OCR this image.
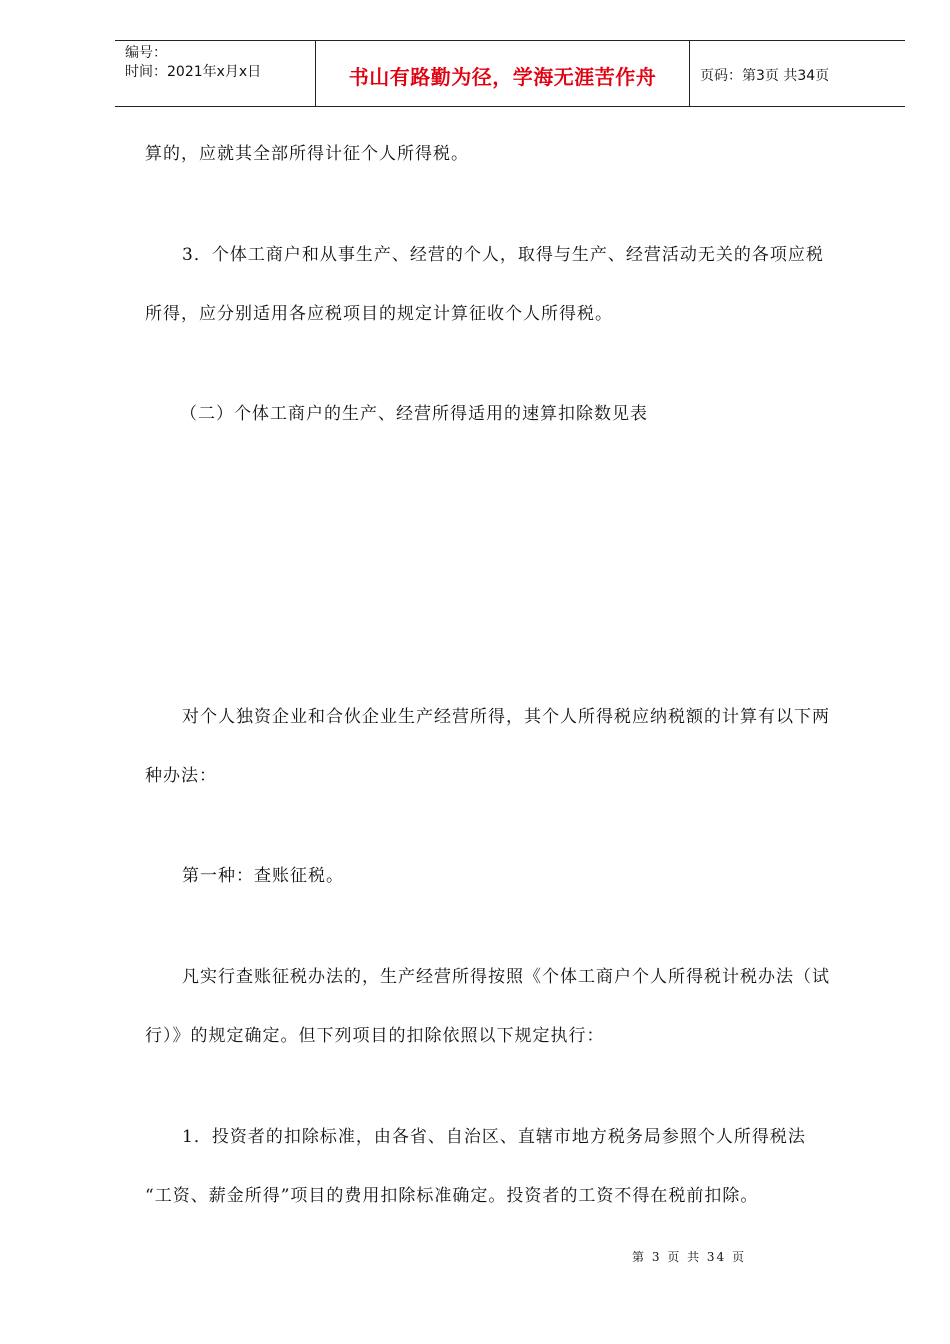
编号：
时间：2021年x月x日	书山有路勤为径，学海无涯苦作舟	页码：第3页 共34页

算的，应就其全部所得计征个人所得税。

3．个体工商户和从事生产、经营的个人，取得与生产、经营活动无关的各项应税

所得，应分别适用各应税项目的规定计算征收个人所得税。

（二）个体工商户的生产、经营所得适用的速算扣除数见表

对个人独资企业和合伙企业生产经营所得，其个人所得税应纳税额的计算有以下两

种办法：

第一种：查账征税。

凡实行查账征税办法的，生产经营所得按照《个体工商户个人所得税计税办法（试

行）》的规定确定。但下列项目的扣除依照以下规定执行：

1．投资者的扣除标准，由各省、自治区、直辖市地方税务局参照个人所得税法

“工资、薪金所得”项目的费用扣除标准确定。投资者的工资不得在税前扣除。

第 3 页 共 34 页
